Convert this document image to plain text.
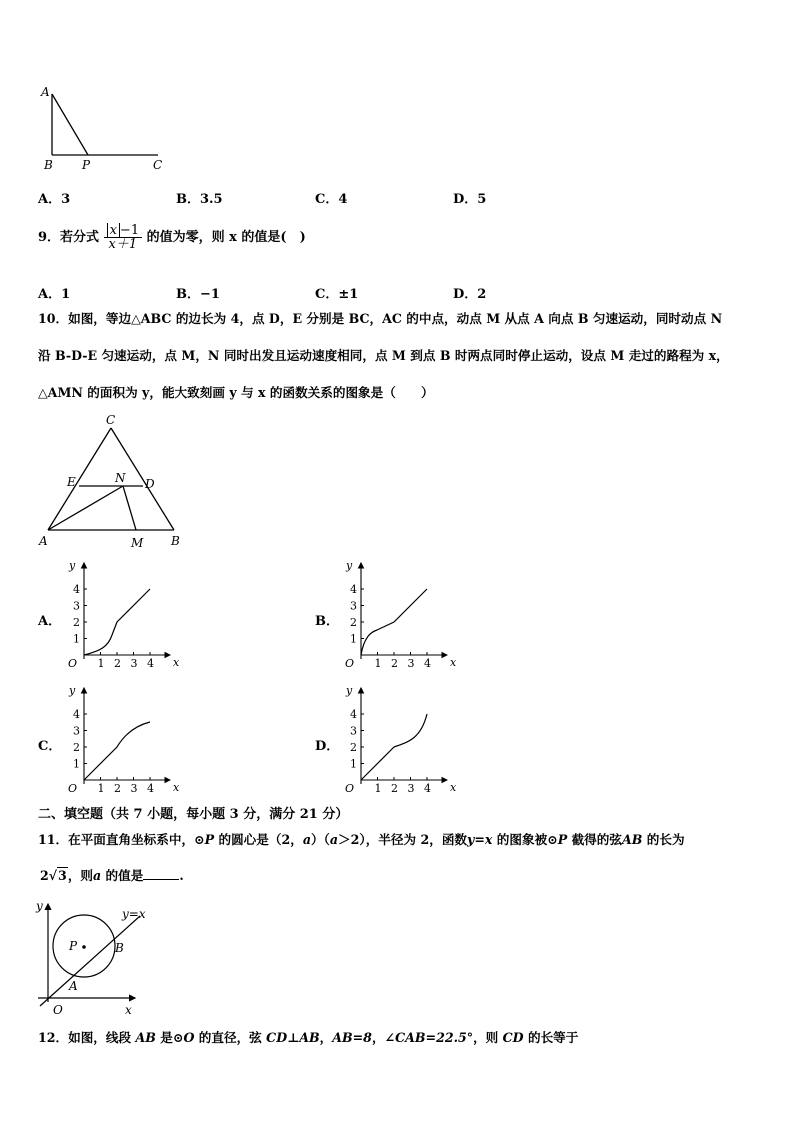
A
B P	C
A．3	B．3.5	C．4	D．5
9．若分式 $\frac{x -1}{x+1}$ 的值为零，则 x 的值是(　)
A．1	B．−1	C．±1	D．2
10．如图，等边△ABC 的边长为 4，点 D，E 分别是 BC，AC 的中点，动点 M 从点 A 向点 B 匀速运动，同时动点 N
沿 B-D-E 匀速运动，点 M，N 同时出发且运动速度相同，点 M 到点 B 时两点同时停止运动，设点 M 走过的路程为 x，
△AMN 的面积为 y，能大致刻画 y 与 x 的函数关系的图象是（　　）
C
E	N D
A	M B
A．	B．
C．	D．
y
x
O
1
2
3
4
1 2 3 4
y
x
O
1
2
3
4
1 2 3 4
y
x
O
1
2
3
4
1 2 3 4
y
x
O
1
2
3
4
1 2 3 4
二、填空题（共 7 小题，每小题 3 分，满分 21 分）
11．在平面直角坐标系中，⊙P 的圆心是（2，a）（a＞2），半径为 2，函数y=x 的图象被⊙P 截得的弦AB 的长为
2√3，则a 的值是	.
y
y=x
P	B
A
O	x
12．如图，线段 AB 是⊙O 的直径，弦 CD⊥AB，AB=8，∠CAB=22.5°，则 CD 的长等于
